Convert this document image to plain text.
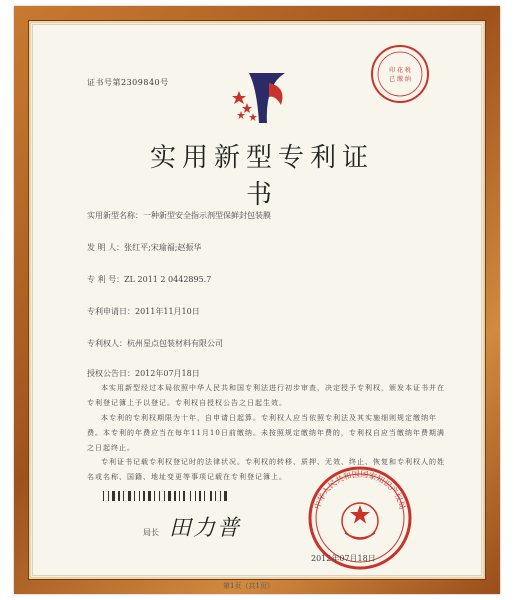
证书号第2309840号
印 花 税
已 缴 纳
实用新型专利证书
实用新型名称：一种新型安全指示剂型保鲜封包装膜
发 明 人：张红平;宋瑜福;赵振华
专 利 号：ZL 2011 2 0442895.7
专利申请日：2011年11月10日
专利权人：杭州星点包装材料有限公司
授权公告日：2012年07月18日
本实用新型经过本局依照中华人民共和国专利法进行初步审查，决定授予专利权，颁发本证书并在专利登记簿上予以登记。专利权自授权公告之日起生效。
本专利的专利权期限为十年，自申请日起算。专利权人应当依照专利法及其实施细则规定缴纳年费。本专利的年费应当在每年11月10日前缴纳。未按照规定缴纳年费的，专利权自应当缴纳年费期满之日起终止。
专利证书记载专利权登记时的法律状况。专利权的转移、质押、无效、终止、恢复和专利权人的姓名或名称、国籍、地址变更等事项记载在专利登记簿上。
局长 田力普
中华人民共和国国家知识产权局
2012年07月18日
第1页（共1页）
